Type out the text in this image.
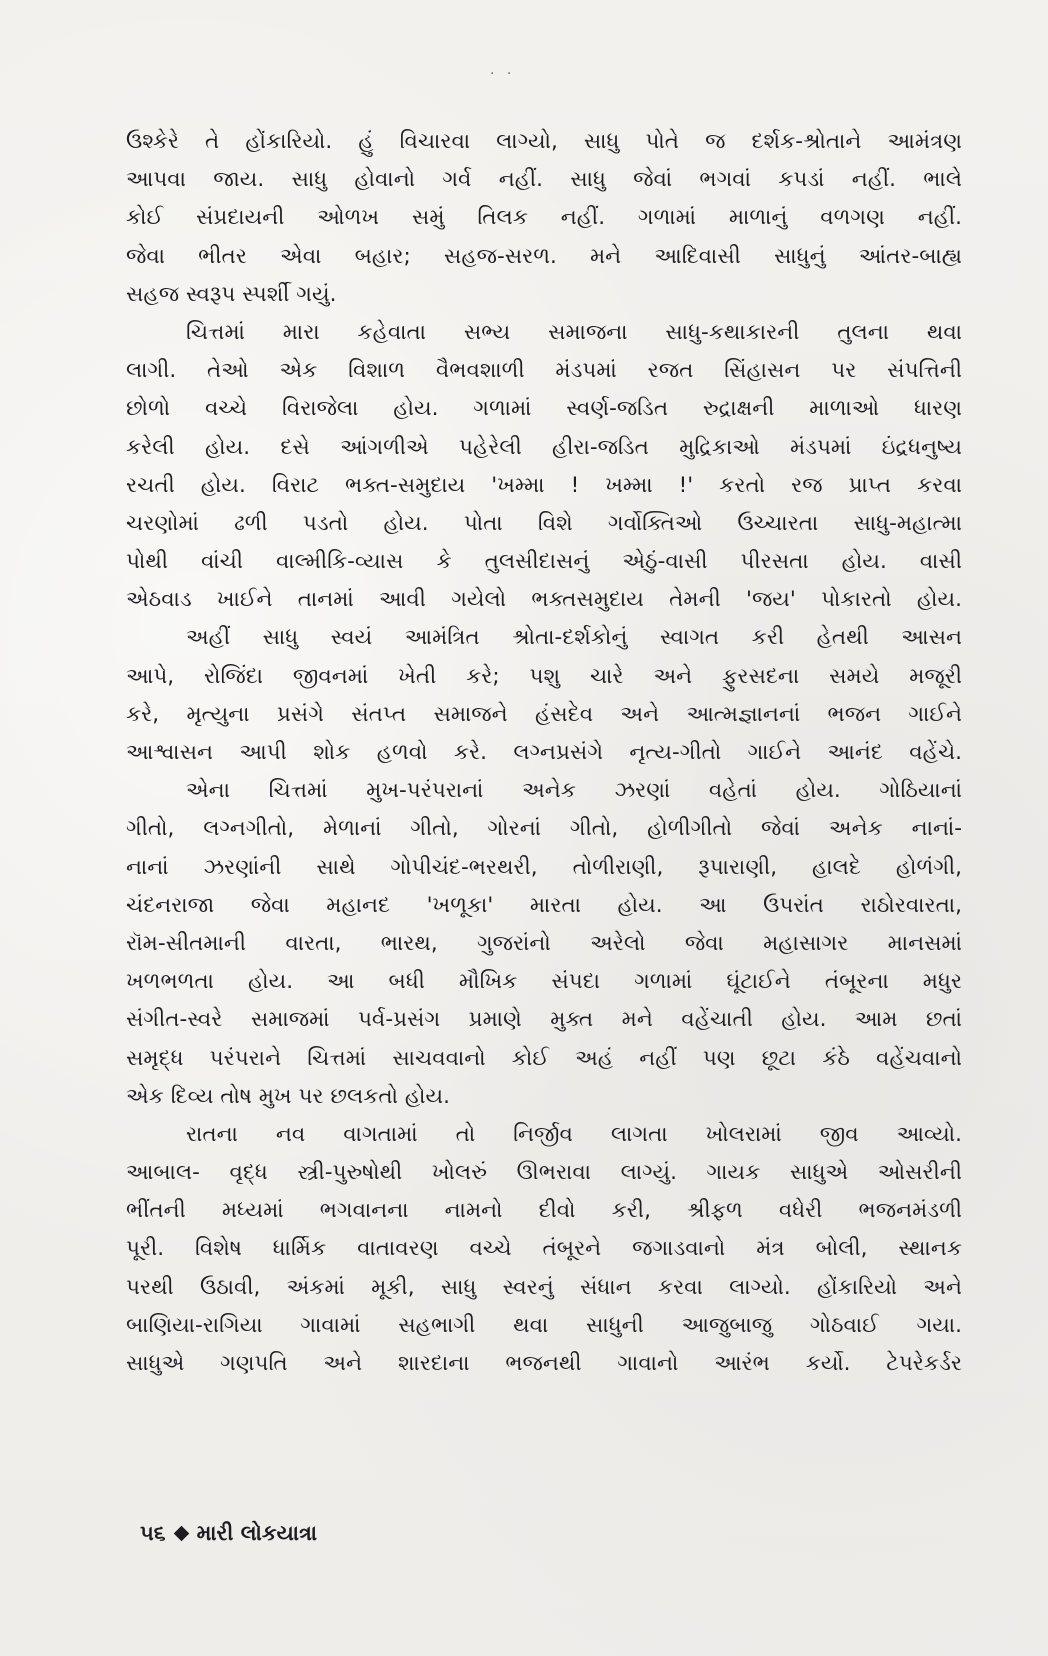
· ·
ઉશ્કેરે તે હોંકારિયો. હું વિચારવા લાગ્યો, સાધુ પોતે જ દર્શક-શ્રોતાને આમંત્રણ
આપવા જાય. સાધુ હોવાનો ગર્વ નહીં. સાધુ જેવાં ભગવાં કપડાં નહીં. ભાલે
કોઈ સંપ્રદાયની ઓળખ સમું તિલક નહીં. ગળામાં માળાનું વળગણ નહીં.
જેવા ભીતર એવા બહાર; સહજ-સરળ. મને આદિવાસી સાધુનું આંતર-બાહ્ય
સહજ સ્વરૂપ સ્પર્શી ગયું.
ચિત્તમાં મારા કહેવાતા સભ્ય સમાજના સાધુ-કથાકારની તુલના થવા
લાગી. તેઓ એક વિશાળ વૈભવશાળી મંડપમાં રજત સિંહાસન પર સંપત્તિની
છોળો વચ્ચે વિરાજેલા હોય. ગળામાં સ્વર્ણ-જડિત રુદ્રાક્ષની માળાઓ ધારણ
કરેલી હોય. દસે આંગળીએ પહેરેલી હીરા-જડિત મુદ્રિકાઓ મંડપમાં ઇંદ્રધનુષ્ય
રચતી હોય. વિરાટ ભક્ત-સમુદાય 'ખમ્મા ! ખમ્મા !' કરતો રજ પ્રાપ્ત કરવા
ચરણોમાં ઢળી પડતો હોય. પોતા વિશે ગર્વોક્તિઓ ઉચ્ચારતા સાધુ-મહાત્મા
પોથી વાંચી વાલ્મીકિ-વ્યાસ કે તુલસીદાસનું એઠું-વાસી પીરસતા હોય. વાસી
એઠવાડ ખાઈને તાનમાં આવી ગયેલો ભક્તસમુદાય તેમની 'જય' પોકારતો હોય.
અહીં સાધુ સ્વયં આમંત્રિત શ્રોતા-દર્શકોનું સ્વાગત કરી હેતથી આસન
આપે, રોજિંદા જીવનમાં ખેતી કરે; પશુ ચારે અને ફુરસદના સમયે મજૂરી
કરે, મૃત્યુના પ્રસંગે સંતપ્ત સમાજને હંસદેવ અને આત્મજ્ઞાનનાં ભજન ગાઈને
આશ્વાસન આપી શોક હળવો કરે. લગ્નપ્રસંગે નૃત્ય-ગીતો ગાઈને આનંદ વહેંચે.
એના ચિત્તમાં મુખ-પરંપરાનાં અનેક ઝરણાં વહેતાં હોય. ગોઠિયાનાં
ગીતો, લગ્નગીતો, મેળાનાં ગીતો, ગોરનાં ગીતો, હોળીગીતો જેવાં અનેક નાનાં-
નાનાં ઝરણાંની સાથે ગોપીચંદ-ભરથરી, તોળીરાણી, રૂપારાણી, હાલદે હોળંગી,
ચંદનરાજા જેવા મહાનદ 'ખળૂકા' મારતા હોય. આ ઉપરાંત રાઠોરવારતા,
રૉમ-સીતમાની વારતા, ભારથ, ગુજરાંનો અરેલો જેવા મહાસાગર માનસમાં
ખળભળતા હોય. આ બધી મૌખિક સંપદા ગળામાં ઘૂંટાઈને તંબૂરના મધુર
સંગીત-સ્વરે સમાજમાં પર્વ-પ્રસંગ પ્રમાણે મુક્ત મને વહેંચાતી હોય. આમ છતાં
સમૃદ્ધ પરંપરાને ચિત્તમાં સાચવવાનો કોઈ અહં નહીં પણ છૂટા કંઠે વહેંચવાનો
એક દિવ્ય તોષ મુખ પર છલકતો હોય.
રાતના નવ વાગતામાં તો નિર્જીવ લાગતા ખોલરામાં જીવ આવ્યો.
આબાલ- વૃદ્ધ સ્ત્રી-પુરુષોથી ખોલરું ઊભરાવા લાગ્યું. ગાયક સાધુએ ઓસરીની
ભીંતની મધ્યમાં ભગવાનના નામનો દીવો કરી, શ્રીફળ વધેરી ભજનમંડળી
પૂરી. વિશેષ ધાર્મિક વાતાવરણ વચ્ચે તંબૂરને જગાડવાનો મંત્ર બોલી, સ્થાનક
પરથી ઉઠાવી, અંકમાં મૂકી, સાધુ સ્વરનું સંધાન કરવા લાગ્યો. હોંકારિયો અને
બાણિયા-રાગિયા ગાવામાં સહભાગી થવા સાધુની આજુબાજુ ગોઠવાઈ ગયા.
સાધુએ ગણપતિ અને શારદાના ભજનથી ગાવાનો આરંભ કર્યો. ટેપરેકર્ડર
૫૬ મારી લોકયાત્રા
